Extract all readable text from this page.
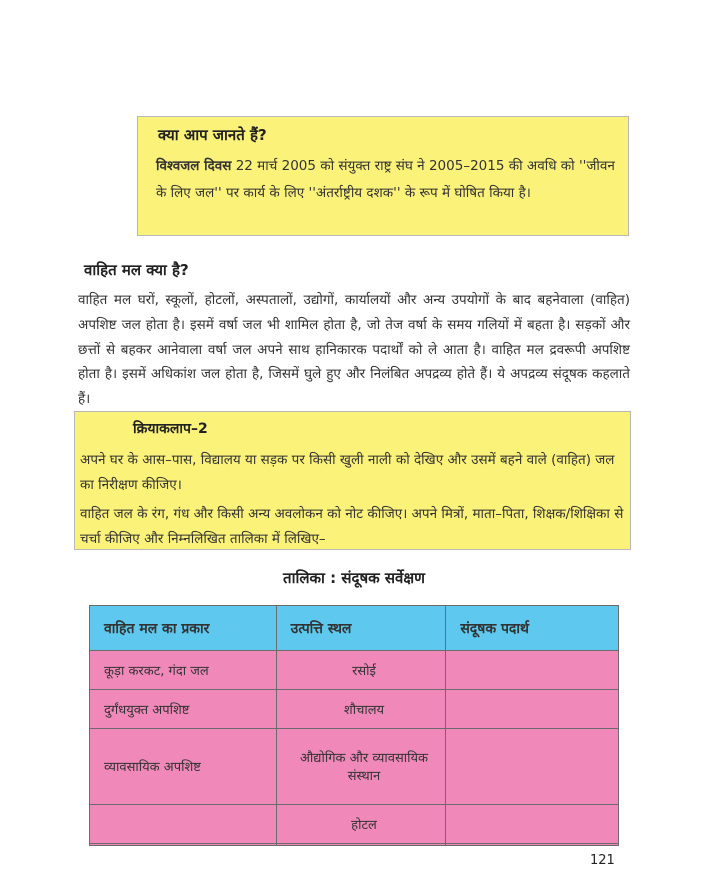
क्या आप जानते हैं?
विश्वजल दिवस 22 मार्च 2005 को संयुक्त राष्ट्र संघ ने 2005–2015 की अवधि को ''जीवन के लिए जल'' पर कार्य के लिए ''अंतर्राष्ट्रीय दशक'' के रूप में घोषित किया है।
वाहित मल क्या है?
वाहित मल घरों, स्कूलों, होटलों, अस्पतालों, उद्योगों, कार्यालयों और अन्य उपयोगों के बाद बहनेवाला (वाहित) अपशिष्ट जल होता है। इसमें वर्षा जल भी शामिल होता है, जो तेज वर्षा के समय गलियों में बहता है। सड़कों और छत्तों से बहकर आनेवाला वर्षा जल अपने साथ हानिकारक पदार्थों को ले आता है। वाहित मल द्रवरूपी अपशिष्ट होता है। इसमें अधिकांश जल होता है, जिसमें घुले हुए और निलंबित अपद्रव्य होते हैं। ये अपद्रव्य संदूषक कहलाते हैं।
क्रियाकलाप–2
अपने घर के आस–पास, विद्यालय या सड़क पर किसी खुली नाली को देखिए और उसमें बहने वाले (वाहित) जल का निरीक्षण कीजिए।
वाहित जल के रंग, गंध और किसी अन्य अवलोकन को नोट कीजिए। अपने मित्रों, माता–पिता, शिक्षक/शिक्षिका से चर्चा कीजिए और निम्नलिखित तालिका में लिखिए–
तालिका : संदूषक सर्वेक्षण
वाहित मल का प्रकार	उत्पत्ति स्थल	संदूषक पदार्थ
कूड़ा करकट, गंदा जल	रसोई	
दुर्गंधयुक्त अपशिष्ट	शौचालय	
व्यावसायिक अपशिष्ट	औद्योगिक और व्यावसायिक संस्थान	
	होटल	

121
